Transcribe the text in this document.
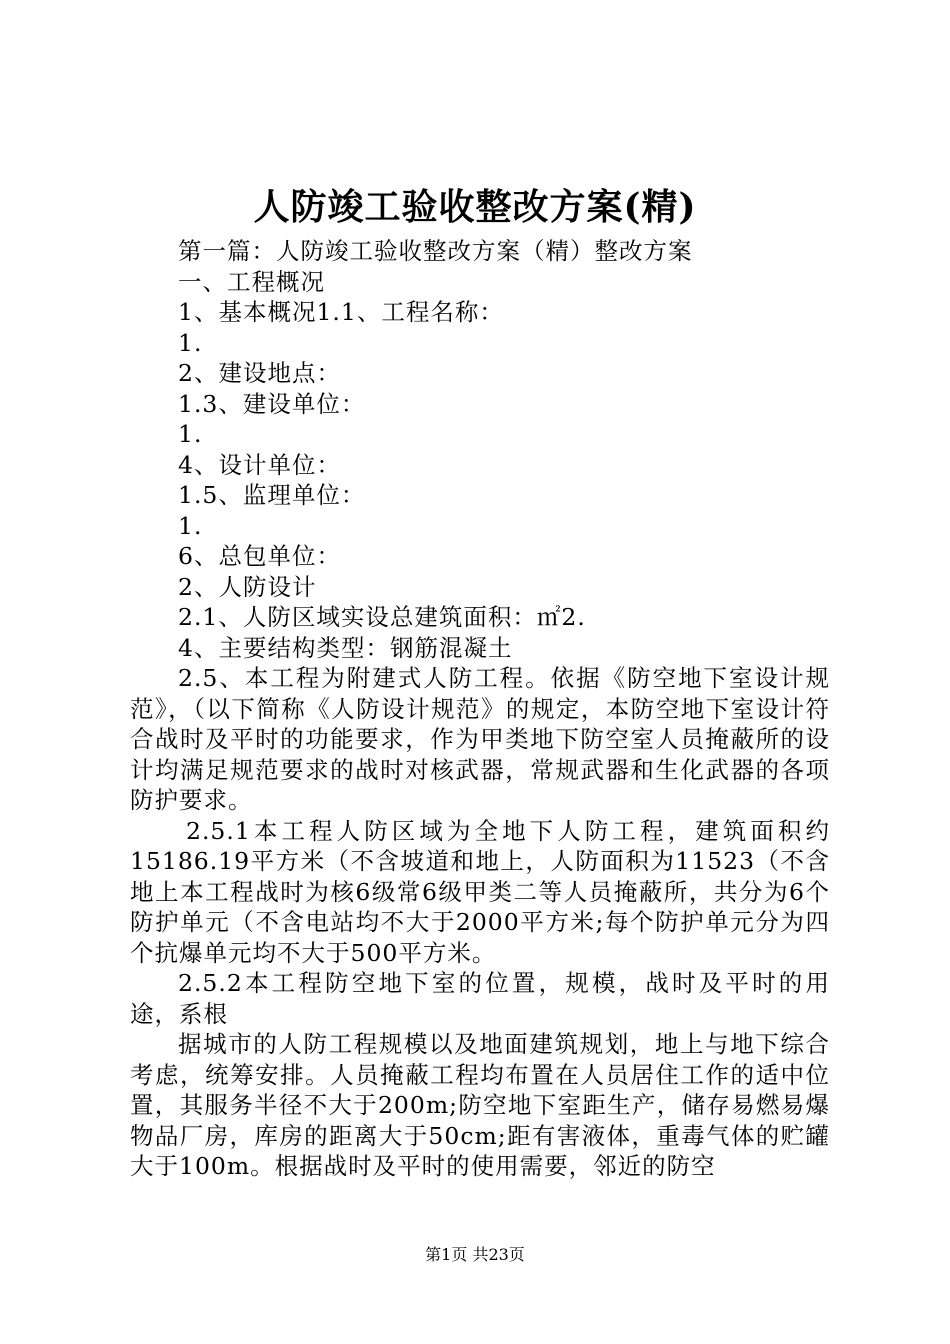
人防竣工验收整改方案(精)
第一篇：人防竣工验收整改方案（精）整改方案
一、工程概况
1、基本概况1.1、工程名称：
1.
2、建设地点：
1.3、建设单位：
1.
4、设计单位：
1.5、监理单位：
1.
6、总包单位：
2、人防设计
2.1、人防区域实设总建筑面积：㎡2.
4、主要结构类型：钢筋混凝土
2.5、本工程为附建式人防工程。依据《防空地下室设计规范》，（以下简称《人防设计规范》的规定，本防空地下室设计符合战时及平时的功能要求，作为甲类地下防空室人员掩蔽所的设计均满足规范要求的战时对核武器，常规武器和生化武器的各项防护要求。
2.5.1本工程人防区域为全地下人防工程，建筑面积约15186.19平方米（不含坡道和地上，人防面积为11523（不含地上本工程战时为核6级常6级甲类二等人员掩蔽所，共分为6个防护单元（不含电站均不大于2000平方米;每个防护单元分为四个抗爆单元均不大于500平方米。
2.5.2本工程防空地下室的位置，规模，战时及平时的用途，系根
据城市的人防工程规模以及地面建筑规划，地上与地下综合考虑，统筹安排。人员掩蔽工程均布置在人员居住工作的适中位置，其服务半径不大于200m;防空地下室距生产，储存易燃易爆物品厂房，库房的距离大于50cm;距有害液体，重毒气体的贮罐大于100m。根据战时及平时的使用需要，邻近的防空
第1页 共23页
